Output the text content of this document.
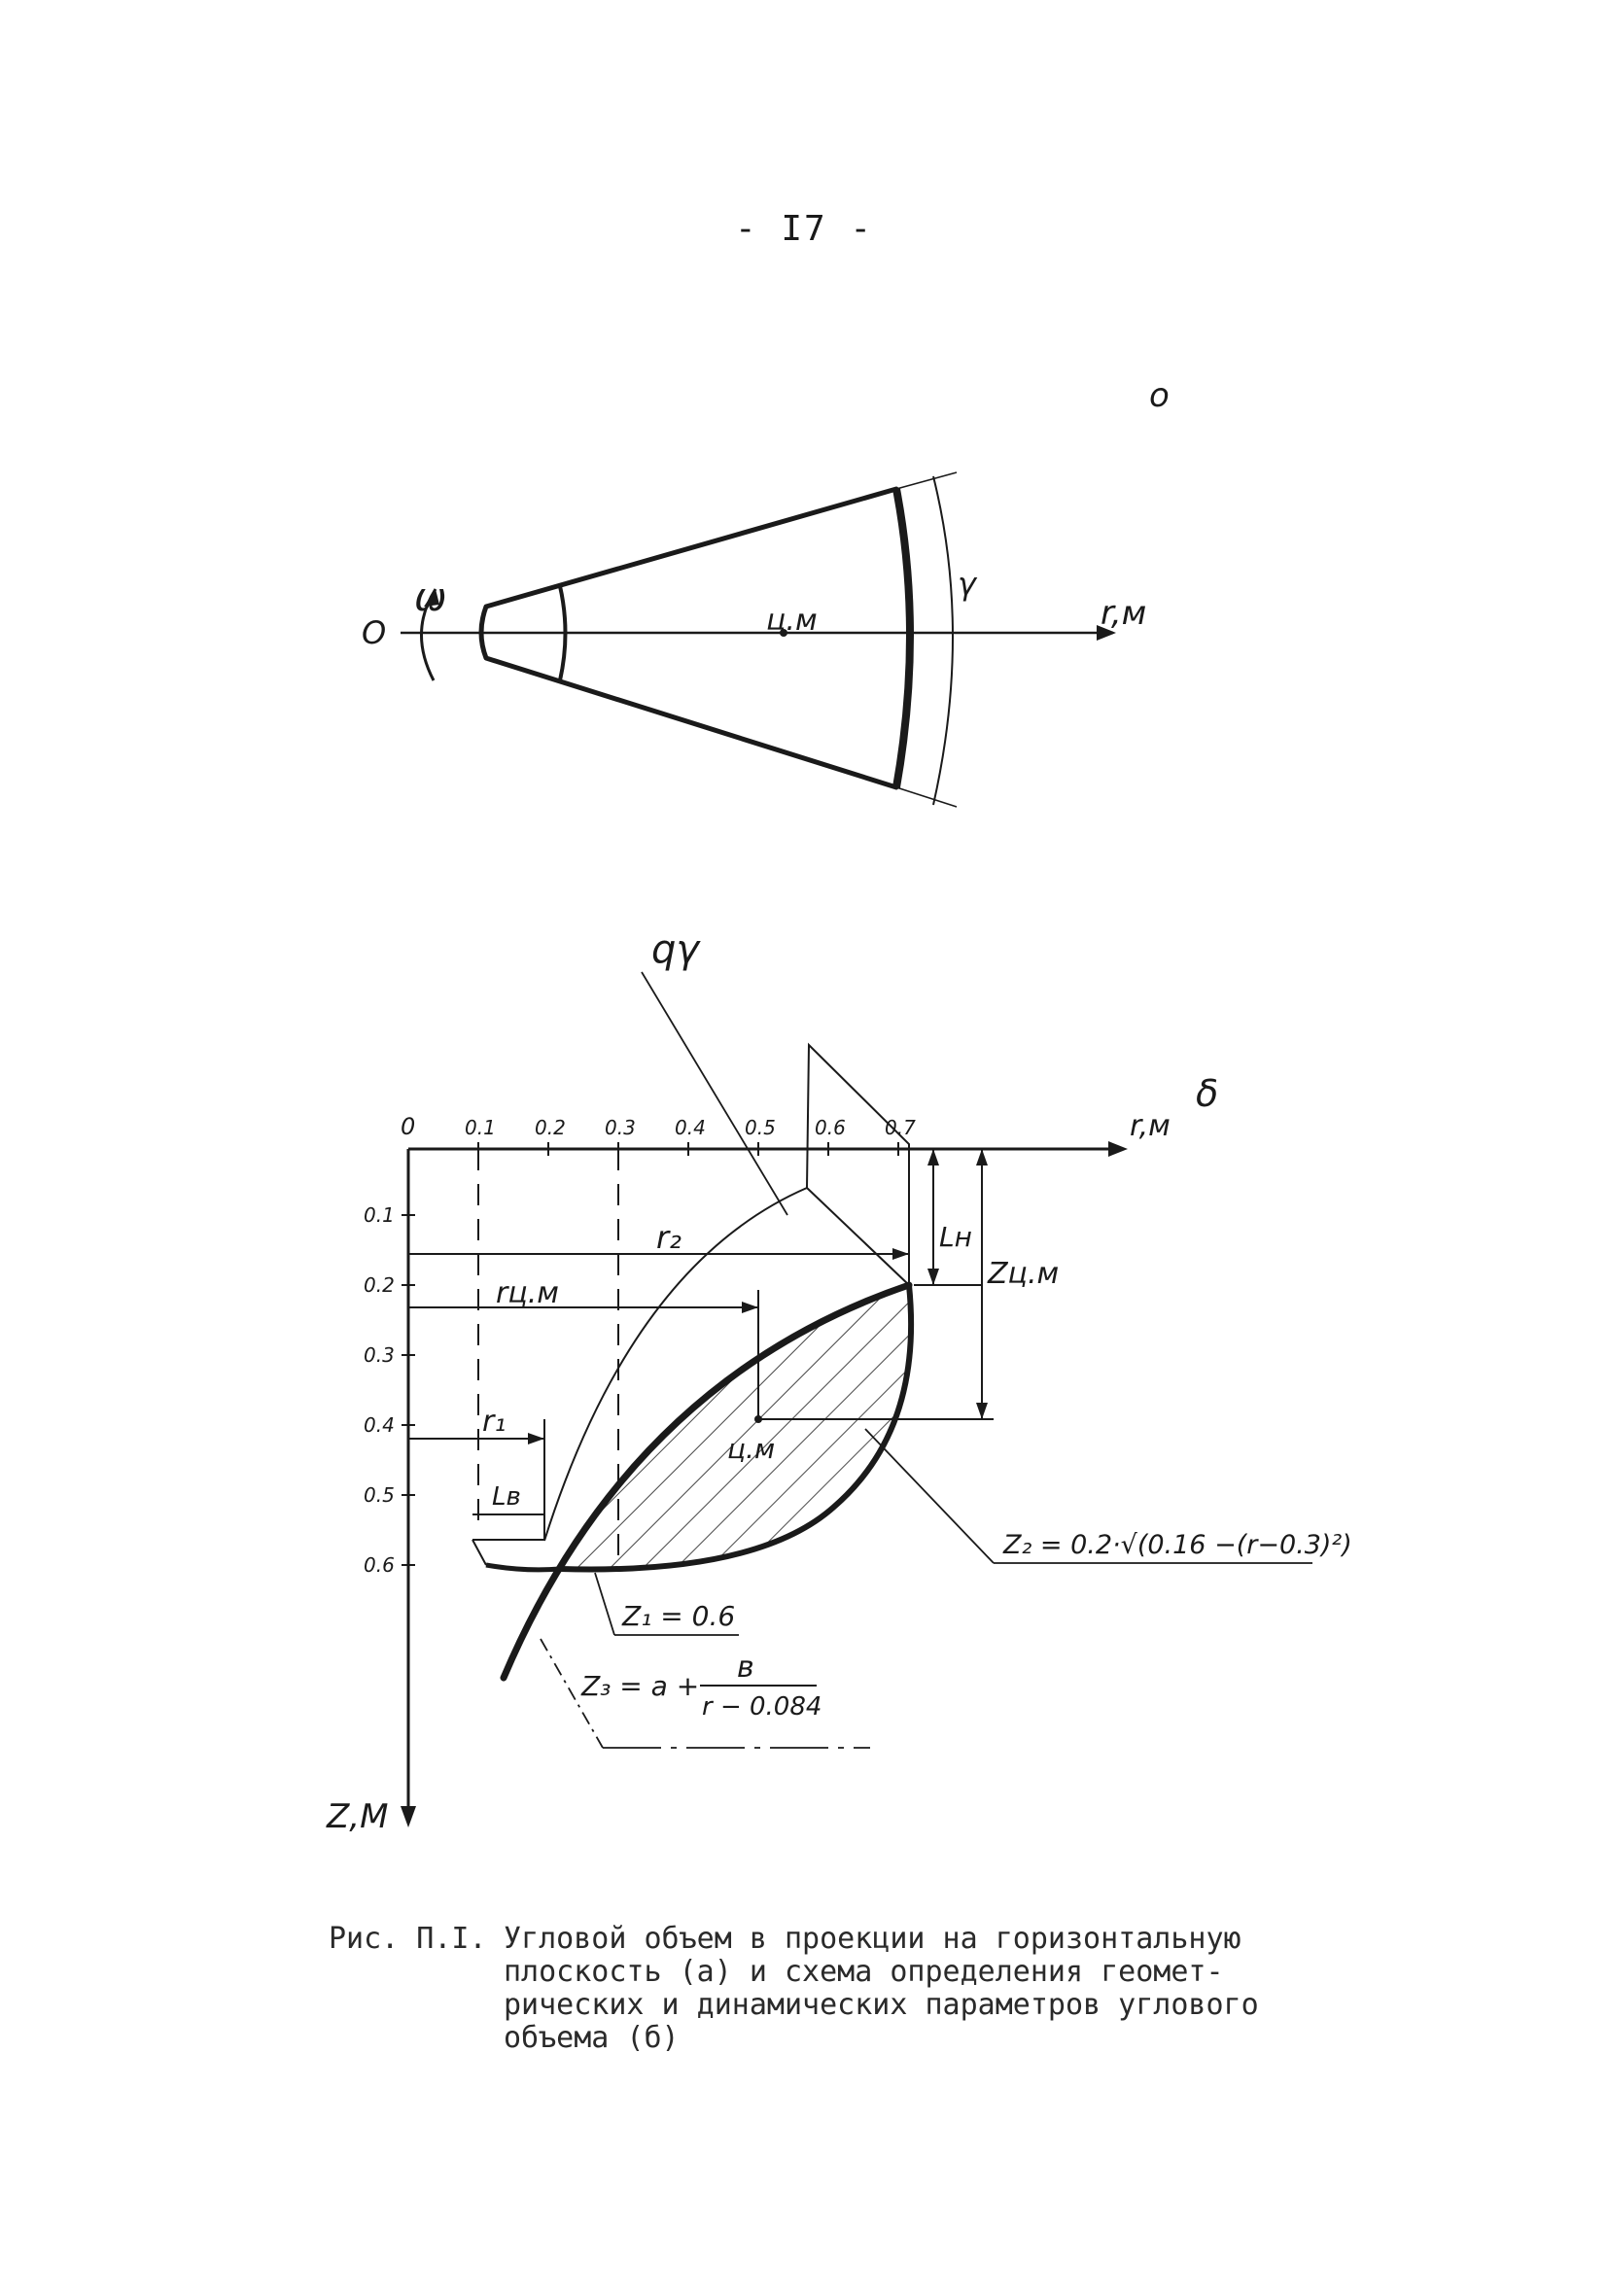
- I7 -
о
О
ω
ц.м	r,м
γ
δ
0	r,м
Z,М
0.1 0.2 0.3 0.4 0.5 0.6 0.7
0.1
0.2
0.3
0.4
0.5
0.6
qγ
r₂
rц.м
ц.м
r₁
Lв
Lн
Zц.м
Z₂ = 0.2·√(0.16 −(r−0.3)²)
Z₁ = 0.6
Z₃ = a +
в
r − 0.084
Рис. П.I. Угловой объем в проекции на горизонтальную
плоскость (а) и схема определения геомет-
рических и динамических параметров углового
объема (б)
